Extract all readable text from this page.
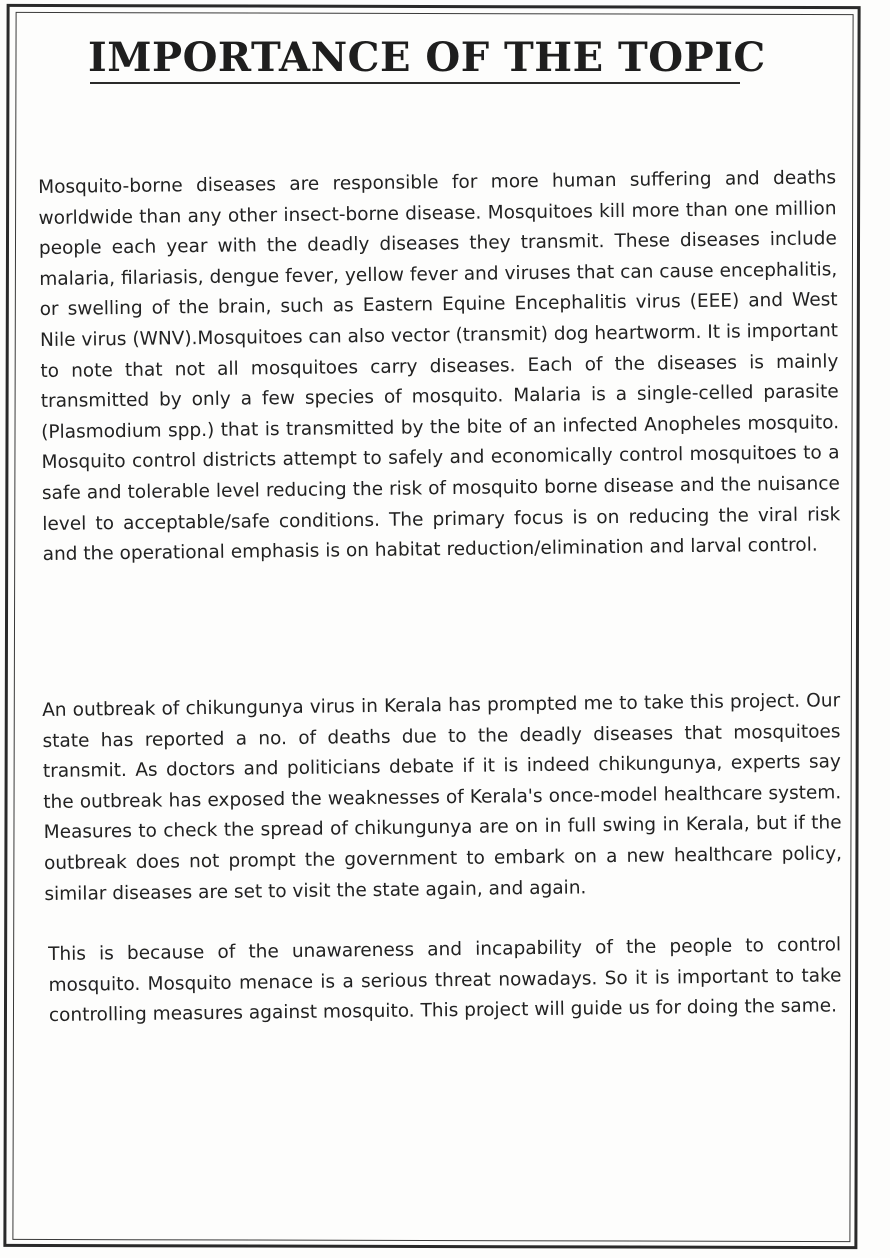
IMPORTANCE OF THE TOPIC

Mosquito-borne diseases are responsible for more human suffering and deaths worldwide than any other insect-borne disease. Mosquitoes kill more than one million people each year with the deadly diseases they transmit. These diseases include malaria, filariasis, dengue fever, yellow fever and viruses that can cause encephalitis, or swelling of the brain, such as Eastern Equine Encephalitis virus (EEE) and West Nile virus (WNV).Mosquitoes can also vector (transmit) dog heartworm. It is important to note that not all mosquitoes carry diseases. Each of the diseases is mainly transmitted by only a few species of mosquito. Malaria is a single-celled parasite (Plasmodium spp.) that is transmitted by the bite of an infected Anopheles mosquito. Mosquito control districts attempt to safely and economically control mosquitoes to a safe and tolerable level reducing the risk of mosquito borne disease and the nuisance level to acceptable/safe conditions. The primary focus is on reducing the viral risk and the operational emphasis is on habitat reduction/elimination and larval control.

An outbreak of chikungunya virus in Kerala has prompted me to take this project. Our state has reported a no. of deaths due to the deadly diseases that mosquitoes transmit. As doctors and politicians debate if it is indeed chikungunya, experts say the outbreak has exposed the weaknesses of Kerala's once-model healthcare system. Measures to check the spread of chikungunya are on in full swing in Kerala, but if the outbreak does not prompt the government to embark on a new healthcare policy, similar diseases are set to visit the state again, and again.

This is because of the unawareness and incapability of the people to control mosquito. Mosquito menace is a serious threat nowadays. So it is important to take controlling measures against mosquito. This project will guide us for doing the same.
